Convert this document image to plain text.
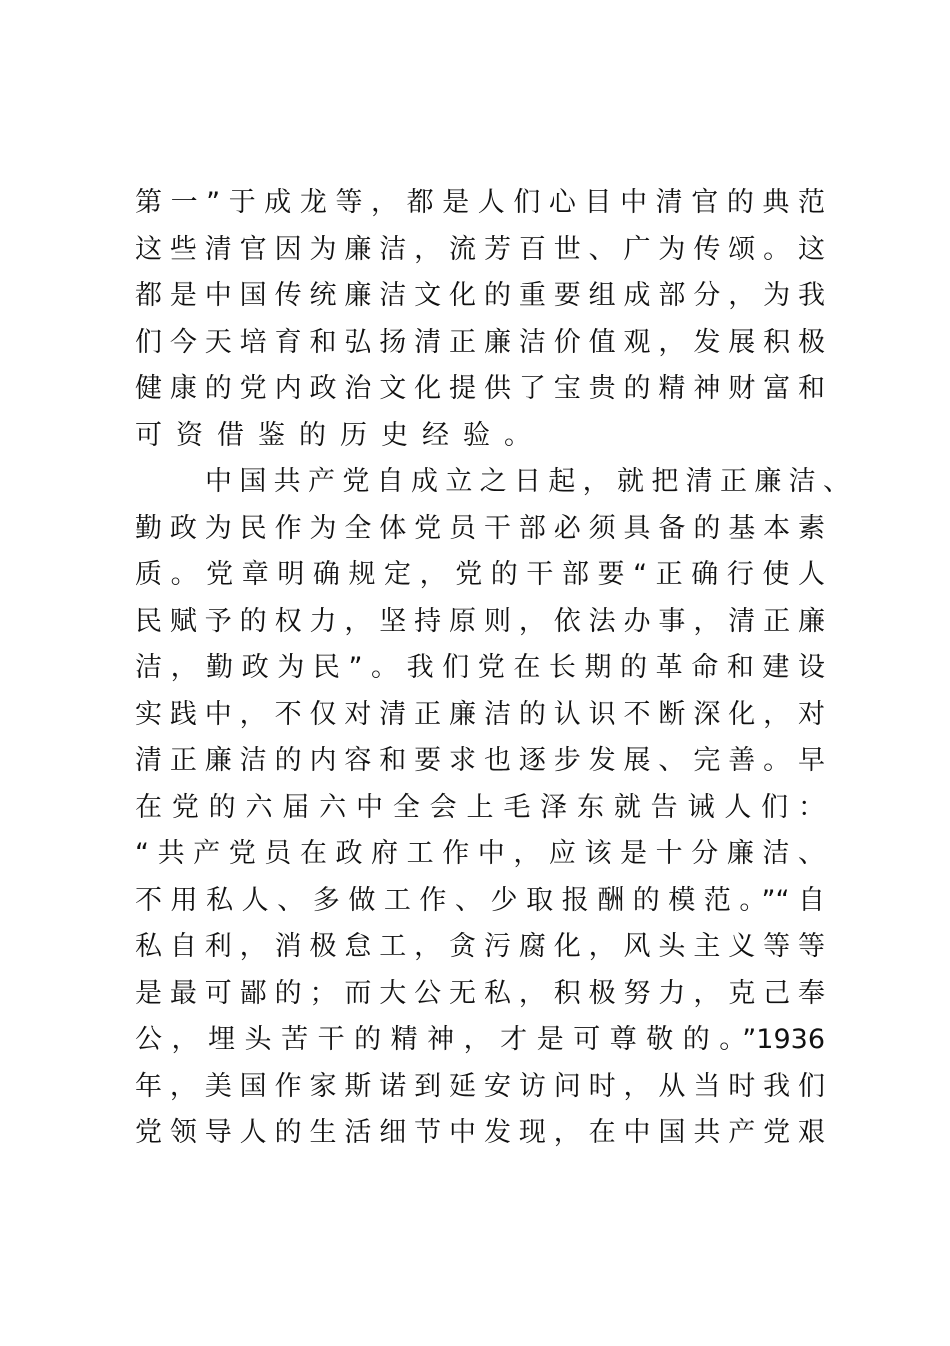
第一”于成龙等，都是人们心目中清官的典范
这些清官因为廉洁，流芳百世、广为传颂。这
都是中国传统廉洁文化的重要组成部分，为我
们今天培育和弘扬清正廉洁价值观，发展积极
健康的党内政治文化提供了宝贵的精神财富和
可资借鉴的历史经验。
中国共产党自成立之日起，就把清正廉洁、
勤政为民作为全体党员干部必须具备的基本素
质。党章明确规定，党的干部要“正确行使人
民赋予的权力，坚持原则，依法办事，清正廉
洁，勤政为民”。我们党在长期的革命和建设
实践中，不仅对清正廉洁的认识不断深化，对
清正廉洁的内容和要求也逐步发展、完善。早
在党的六届六中全会上毛泽东就告诫人们：
“共产党员在政府工作中，应该是十分廉洁、
不用私人、多做工作、少取报酬的模范。”“自
私自利，消极怠工，贪污腐化，风头主义等等
是最可鄙的；而大公无私，积极努力，克己奉
公，埋头苦干的精神，才是可尊敬的。”1936
年，美国作家斯诺到延安访问时，从当时我们
党领导人的生活细节中发现，在中国共产党艰
